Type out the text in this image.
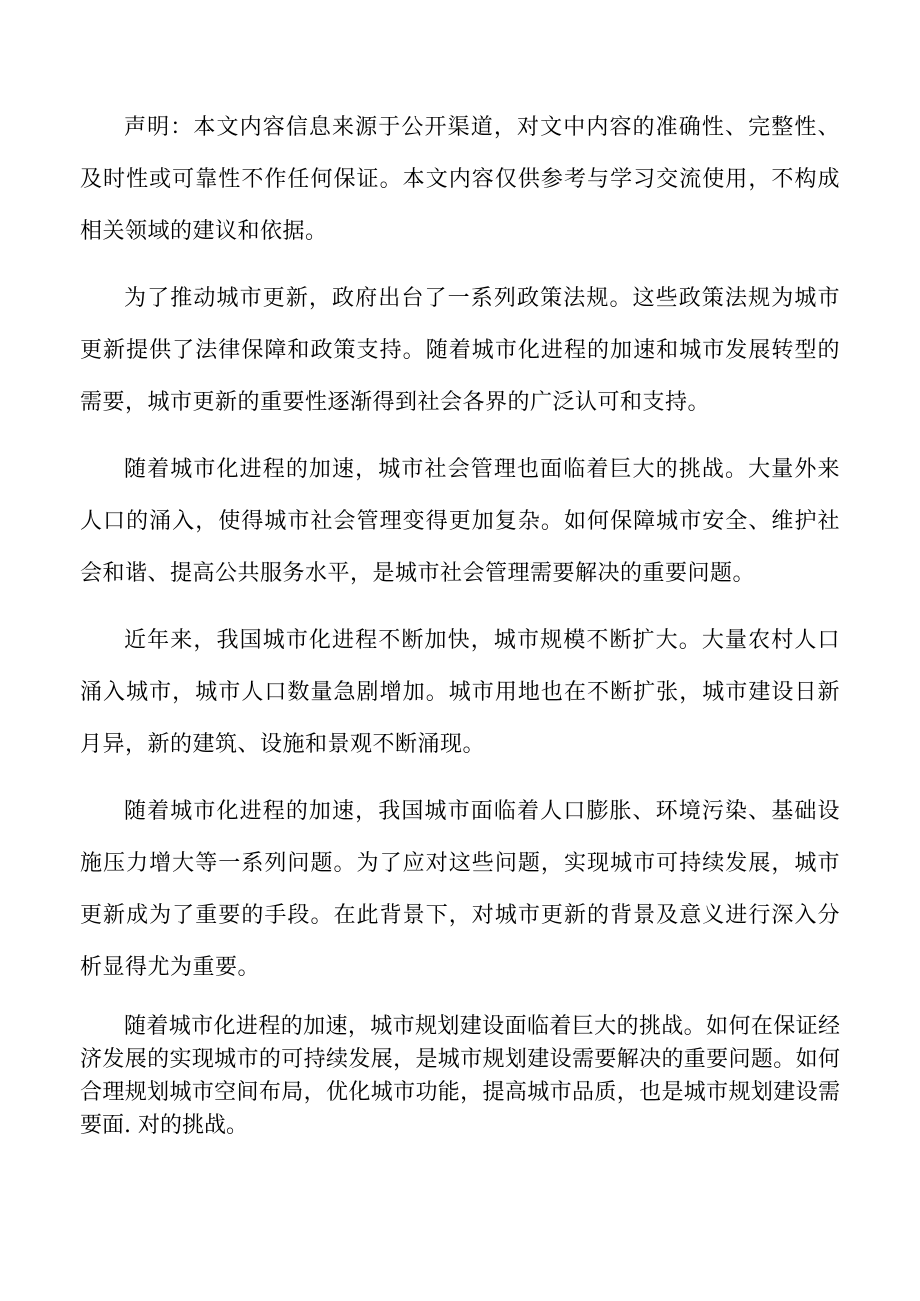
声明：本文内容信息来源于公开渠道，对文中内容的准确性、完整性、及时性或可靠性不作任何保证。本文内容仅供参考与学习交流使用，不构成相关领域的建议和依据。

为了推动城市更新，政府出台了一系列政策法规。这些政策法规为城市更新提供了法律保障和政策支持。随着城市化进程的加速和城市发展转型的需要，城市更新的重要性逐渐得到社会各界的广泛认可和支持。

随着城市化进程的加速，城市社会管理也面临着巨大的挑战。大量外来人口的涌入，使得城市社会管理变得更加复杂。如何保障城市安全、维护社会和谐、提高公共服务水平，是城市社会管理需要解决的重要问题。

近年来，我国城市化进程不断加快，城市规模不断扩大。大量农村人口涌入城市，城市人口数量急剧增加。城市用地也在不断扩张，城市建设日新月异，新的建筑、设施和景观不断涌现。

随着城市化进程的加速，我国城市面临着人口膨胀、环境污染、基础设施压力增大等一系列问题。为了应对这些问题，实现城市可持续发展，城市更新成为了重要的手段。在此背景下，对城市更新的背景及意义进行深入分析显得尤为重要。

随着城市化进程的加速，城市规划建设面临着巨大的挑战。如何在保证经济发展的实现城市的可持续发展，是城市规划建设需要解决的重要问题。如何合理规划城市空间布局，优化城市功能，提高城市品质，也是城市规划建设需要面. 对的挑战。
